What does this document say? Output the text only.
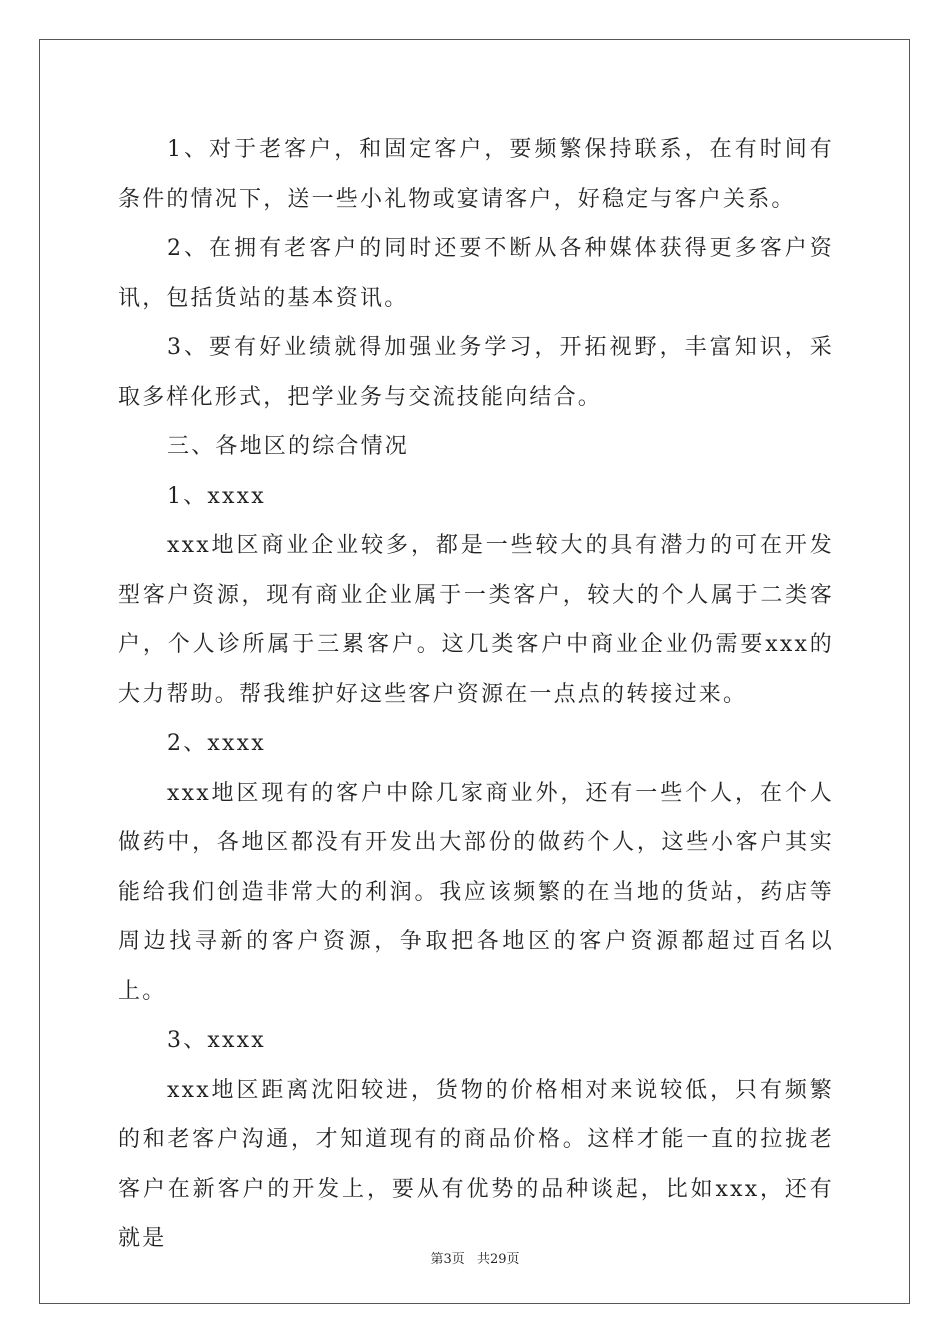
1、对于老客户，和固定客户，要频繁保持联系，在有时间有条件的情况下，送一些小礼物或宴请客户，好稳定与客户关系。

2、在拥有老客户的同时还要不断从各种媒体获得更多客户资讯，包括货站的基本资讯。

3、要有好业绩就得加强业务学习，开拓视野，丰富知识，采取多样化形式，把学业务与交流技能向结合。

三、各地区的综合情况

1、xxxx

xxx地区商业企业较多，都是一些较大的具有潜力的可在开发型客户资源，现有商业企业属于一类客户，较大的个人属于二类客户，个人诊所属于三累客户。这几类客户中商业企业仍需要xxx的大力帮助。帮我维护好这些客户资源在一点点的转接过来。

2、xxxx

xxx地区现有的客户中除几家商业外，还有一些个人，在个人做药中，各地区都没有开发出大部份的做药个人，这些小客户其实能给我们创造非常大的利润。我应该频繁的在当地的货站，药店等周边找寻新的客户资源，争取把各地区的客户资源都超过百名以上。

3、xxxx

xxx地区距离沈阳较进，货物的价格相对来说较低，只有频繁的和老客户沟通，才知道现有的商品价格。这样才能一直的拉拢老客户在新客户的开发上，要从有优势的品种谈起，比如xxx，还有就是

第3页 共29页
